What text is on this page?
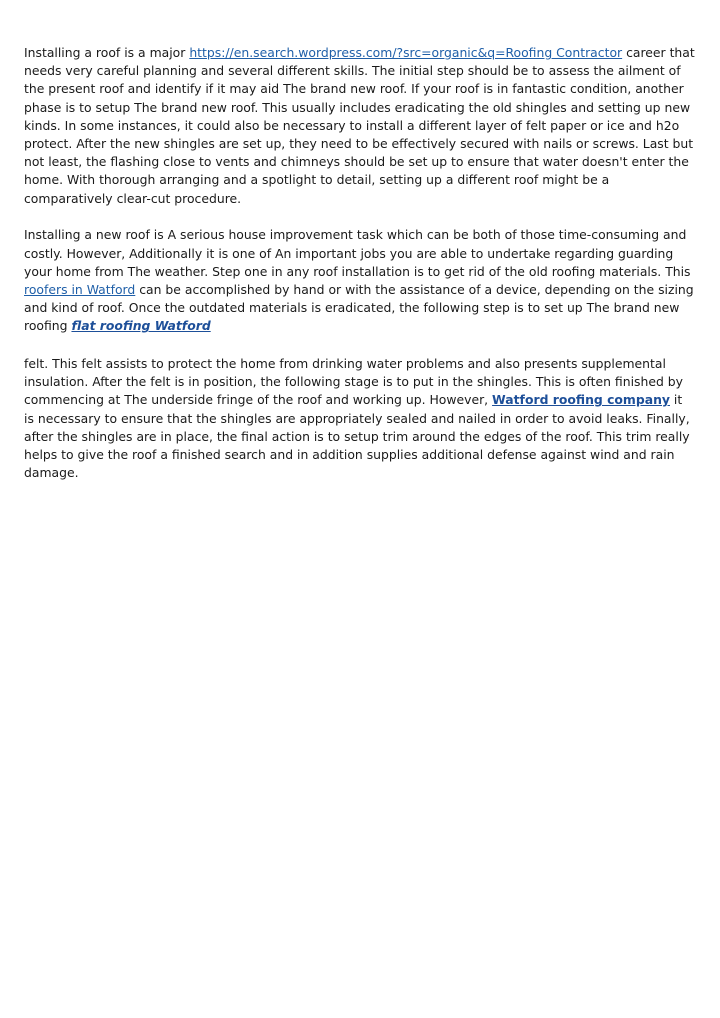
Installing a roof is a major https://en.search.wordpress.com/?src=organic&q=Roofing Contractor career that needs very careful planning and several different skills. The initial step should be to assess the ailment of the present roof and identify if it may aid The brand new roof. If your roof is in fantastic condition, another phase is to setup The brand new roof. This usually includes eradicating the old shingles and setting up new kinds. In some instances, it could also be necessary to install a different layer of felt paper or ice and h2o protect. After the new shingles are set up, they need to be effectively secured with nails or screws. Last but not least, the flashing close to vents and chimneys should be set up to ensure that water doesn't enter the home. With thorough arranging and a spotlight to detail, setting up a different roof might be a comparatively clear-cut procedure.

Installing a new roof is A serious house improvement task which can be both of those time-consuming and costly. However, Additionally it is one of An important jobs you are able to undertake regarding guarding your home from The weather. Step one in any roof installation is to get rid of the old roofing materials. This roofers in Watford can be accomplished by hand or with the assistance of a device, depending on the sizing and kind of roof. Once the outdated materials is eradicated, the following step is to set up The brand new roofing flat roofing Watford

felt. This felt assists to protect the home from drinking water problems and also presents supplemental insulation. After the felt is in position, the following stage is to put in the shingles. This is often finished by commencing at The underside fringe of the roof and working up. However, Watford roofing company it is necessary to ensure that the shingles are appropriately sealed and nailed in order to avoid leaks. Finally, after the shingles are in place, the final action is to setup trim around the edges of the roof. This trim really helps to give the roof a finished search and in addition supplies additional defense against wind and rain damage.
